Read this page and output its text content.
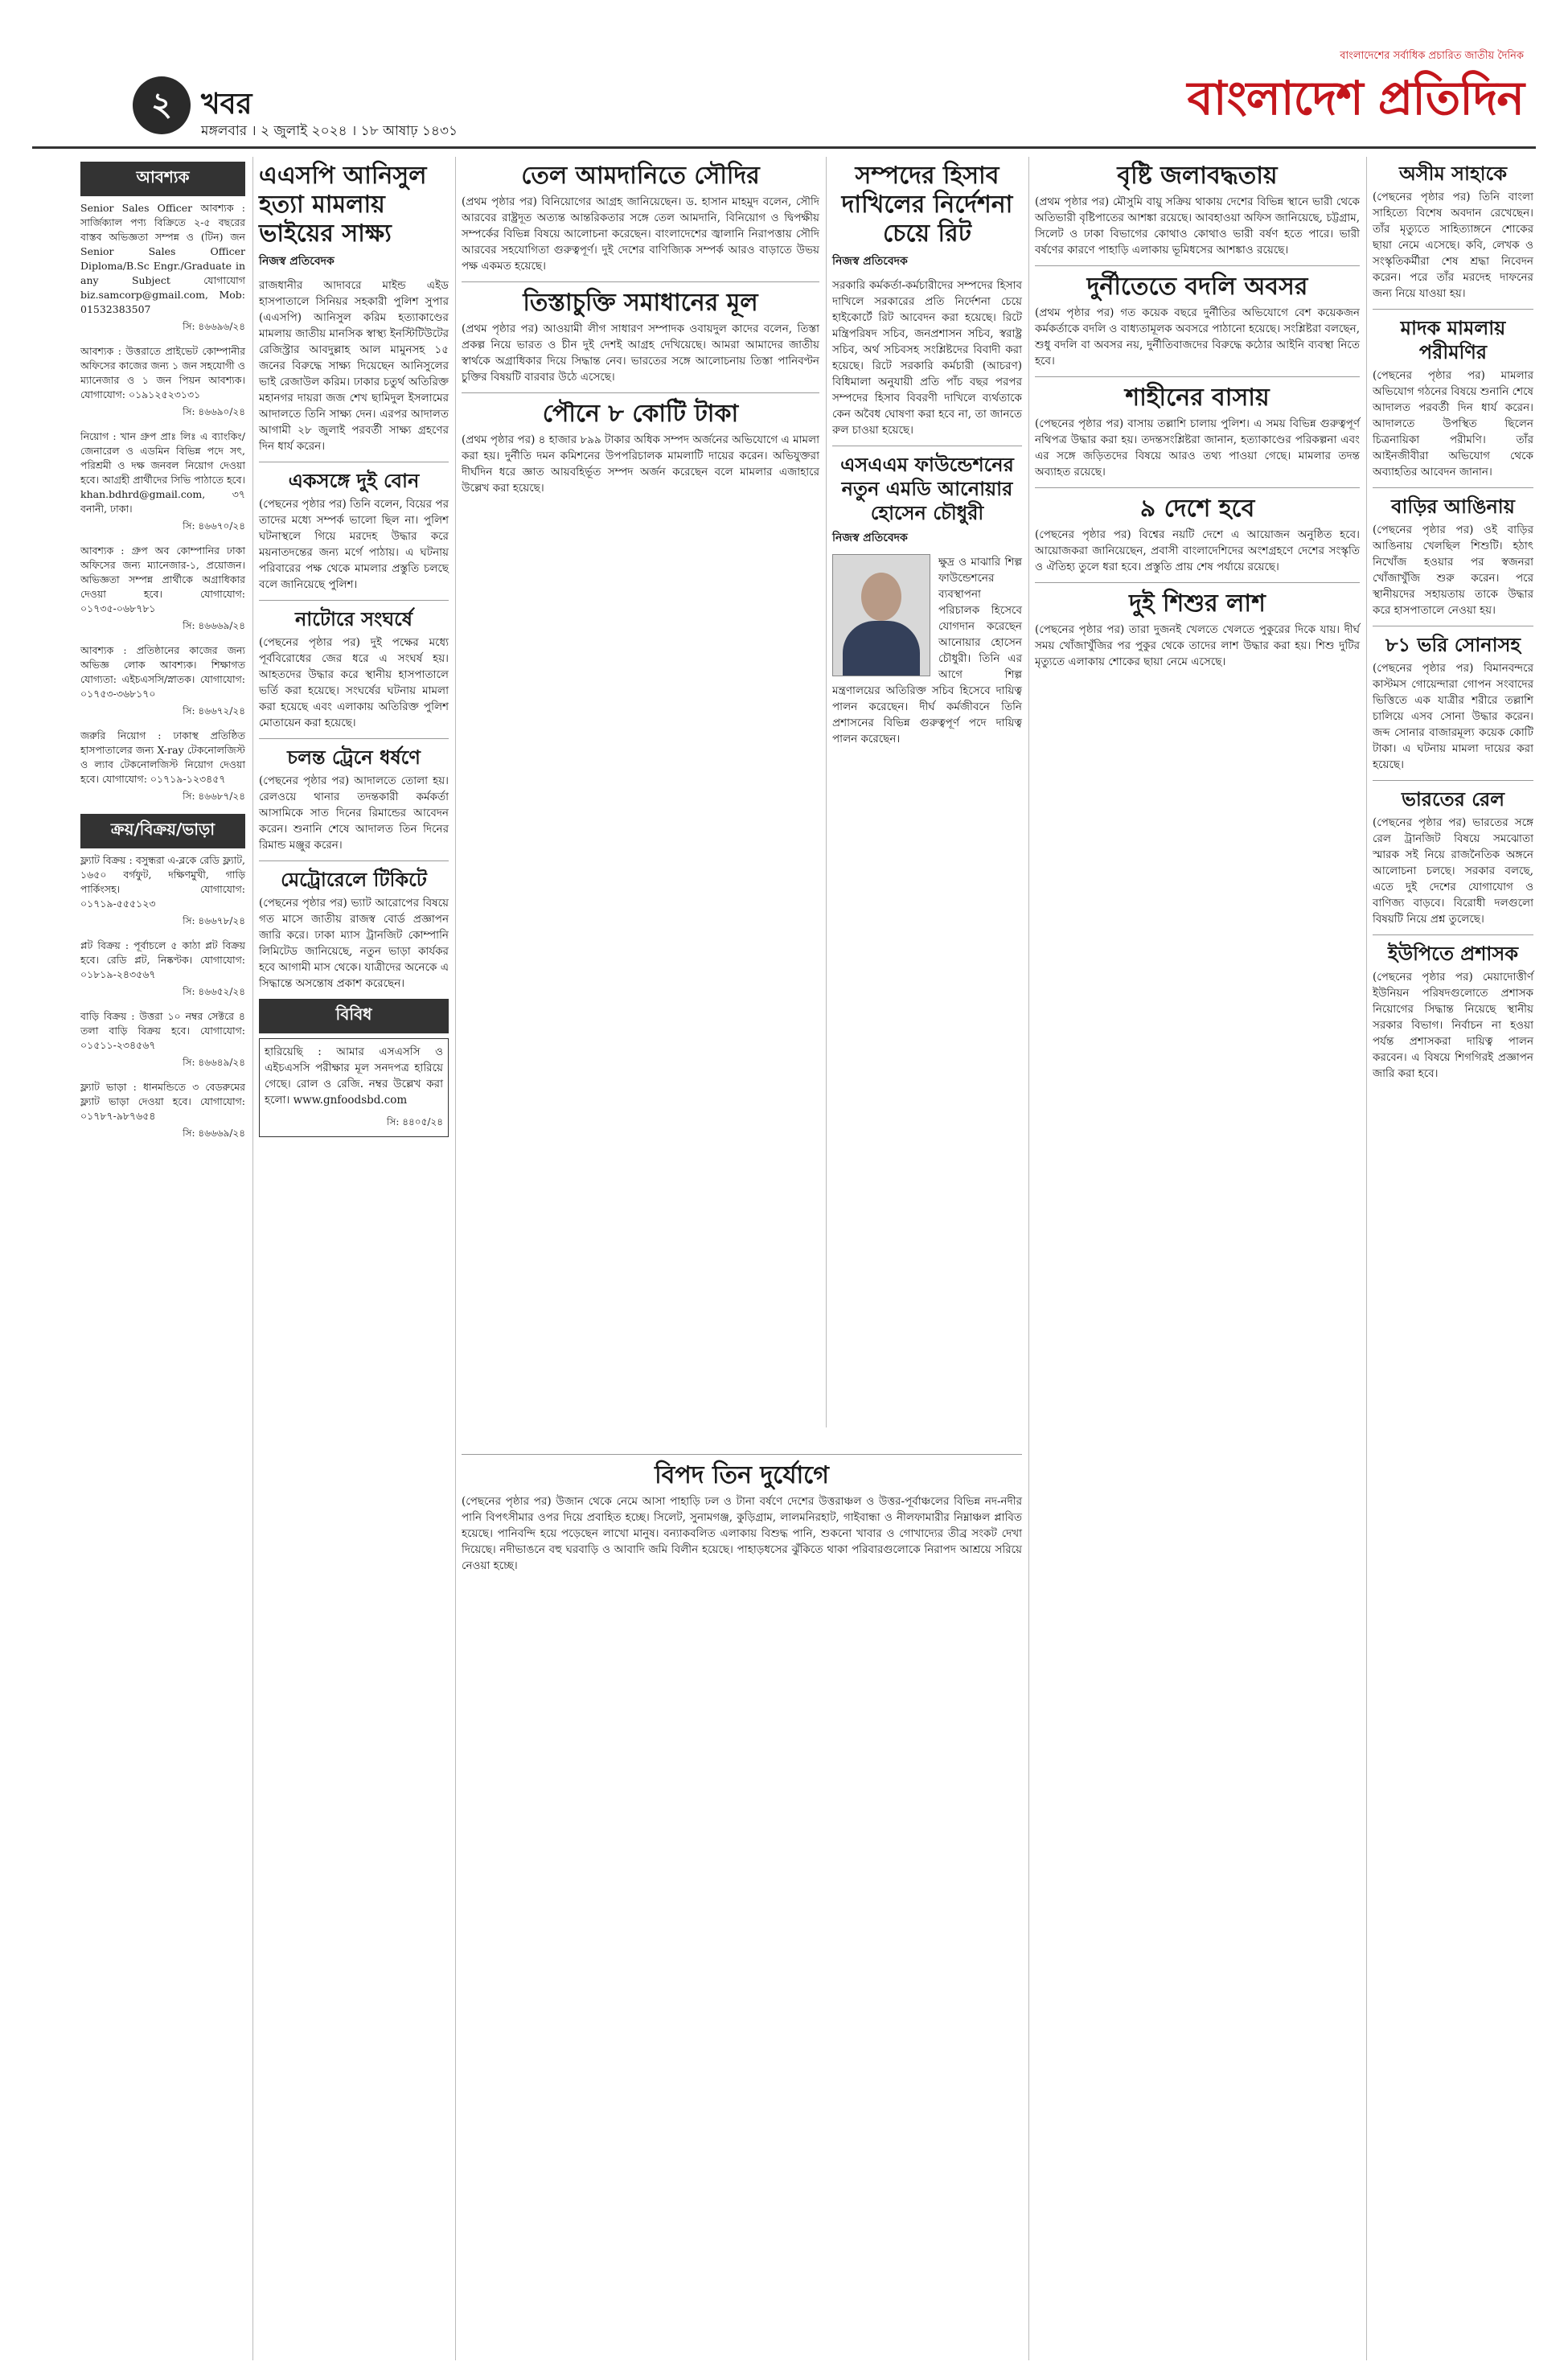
২	খবর
মঙ্গলবার । ২ জুলাই ২০২৪ । ১৮ আষাঢ় ১৪৩১
বাংলাদেশের সর্বাধিক প্রচারিত জাতীয় দৈনিক
বাংলাদেশ প্রতিদিন
আবশ্যক

Senior Sales Officer আবশ্যক : সার্জিক্যাল পণ্য বিক্রিতে ২-৫ বছরের বাস্তব অভিজ্ঞতা সম্পন্ন ও (টিন) জন Senior Sales Officer Diploma/B.Sc Engr./Graduate in any Subject যোগাযোগ biz.samcorp@gmail.com, Mob: 01532383507

সি: ৪৬৬৯৬/২৪

আবশ্যক : উত্তরাতে প্রাইভেট কোম্পানীর অফিসের কাজের জন্য ১ জন সহযোগী ও ম্যানেজার ও ১ জন পিয়ন আবশ্যক। যোগাযোগ: ০১৯১২৫২৩১৩১

সি: ৪৬৬৯০/২৪

নিয়োগ : খান গ্রুপ প্রাঃ লিঃ এ ব্যাংকিং/জেনারেল ও এডমিন বিভিন্ন পদে সৎ, পরিশ্রমী ও দক্ষ জনবল নিয়োগ দেওয়া হবে। আগ্রহী প্রার্থীদের সিভি পাঠাতে হবে। khan.bdhrd@gmail.com, ৩৭ বনানী, ঢাকা।

সি: ৪৬৬৭০/২৪

আবশ্যক : গ্রুপ অব কোম্পানির ঢাকা অফিসের জন্য ম্যানেজার-১, প্রয়োজন। অভিজ্ঞতা সম্পন্ন প্রার্থীকে অগ্রাধিকার দেওয়া হবে। যোগাযোগ: ০১৭৩৫-০৬৮৭৮১

সি: ৪৬৬৬৯/২৪

আবশ্যক : প্রতিষ্ঠানের কাজের জন্য অভিজ্ঞ লোক আবশ্যক। শিক্ষাগত যোগ্যতা: এইচএসসি/স্নাতক। যোগাযোগ: ০১৭৫৩-৩৬৮১৭০

সি: ৪৬৬৭২/২৪

জরুরি নিয়োগ : ঢাকাস্থ প্রতিষ্ঠিত হাসপাতালের জন্য X-ray টেকনোলজিস্ট ও ল্যাব টেকনোলজিস্ট নিয়োগ দেওয়া হবে। যোগাযোগ: ০১৭১৯-১২৩৪৫৭

সি: ৪৬৬৮৭/২৪
ক্রয়/বিক্রয়/ভাড়া

ফ্ল্যাট বিক্রয় : বসুন্ধরা এ-ব্লকে রেডি ফ্ল্যাট, ১৬৫০ বর্গফুট, দক্ষিণমুখী, গাড়ি পার্কিংসহ। যোগাযোগ: ০১৭১৯-৫৫৫১২৩

সি: ৪৬৬৭৮/২৪

প্লট বিক্রয় : পূর্বাচলে ৫ কাঠা প্লট বিক্রয় হবে। রেডি প্লট, নিষ্কণ্টক। যোগাযোগ: ০১৮১৯-২৪৩৫৬৭

সি: ৪৬৬৫২/২৪

বাড়ি বিক্রয় : উত্তরা ১০ নম্বর সেক্টরে ৪ তলা বাড়ি বিক্রয় হবে। যোগাযোগ: ০১৫১১-২৩৪৫৬৭

সি: ৪৬৬৪৯/২৪

ফ্ল্যাট ভাড়া : ধানমন্ডিতে ৩ বেডরুমের ফ্ল্যাট ভাড়া দেওয়া হবে। যোগাযোগ: ০১৭৮৭-৯৮৭৬৫৪

সি: ৪৬৬৬৯/২৪
এএসপি আনিসুল হত্যা মামলায় ভাইয়ের সাক্ষ্য
নিজস্ব প্রতিবেদক

রাজধানীর আদাবরে মাইন্ড এইড হাসপাতালে সিনিয়র সহকারী পুলিশ সুপার (এএসপি) আনিসুল করিম হত্যাকাণ্ডের মামলায় জাতীয় মানসিক স্বাস্থ্য ইনস্টিটিউটের রেজিস্ট্রার আবদুল্লাহ আল মামুনসহ ১৫ জনের বিরুদ্ধে সাক্ষ্য দিয়েছেন আনিসুলের ভাই রেজাউল করিম। ঢাকার চতুর্থ অতিরিক্ত মহানগর দায়রা জজ শেখ ছামিদুল ইসলামের আদালতে তিনি সাক্ষ্য দেন। এরপর আদালত আগামী ২৮ জুলাই পরবর্তী সাক্ষ্য গ্রহণের দিন ধার্য করেন।

একসঙ্গে দুই বোন

(পেছনের পৃষ্ঠার পর) তিনি বলেন, বিয়ের পর তাদের মধ্যে সম্পর্ক ভালো ছিল না। পুলিশ ঘটনাস্থলে গিয়ে মরদেহ উদ্ধার করে ময়নাতদন্তের জন্য মর্গে পাঠায়। এ ঘটনায় পরিবারের পক্ষ থেকে মামলার প্রস্তুতি চলছে বলে জানিয়েছে পুলিশ।

নাটোরে সংঘর্ষে

(পেছনের পৃষ্ঠার পর) দুই পক্ষের মধ্যে পূর্ববিরোধের জের ধরে এ সংঘর্ষ হয়। আহতদের উদ্ধার করে স্থানীয় হাসপাতালে ভর্তি করা হয়েছে। সংঘর্ষের ঘটনায় মামলা করা হয়েছে এবং এলাকায় অতিরিক্ত পুলিশ মোতায়েন করা হয়েছে।

চলন্ত ট্রেনে ধর্ষণে

(পেছনের পৃষ্ঠার পর) আদালতে তোলা হয়। রেলওয়ে থানার তদন্তকারী কর্মকর্তা আসামিকে সাত দিনের রিমান্ডের আবেদন করেন। শুনানি শেষে আদালত তিন দিনের রিমান্ড মঞ্জুর করেন।

মেট্রোরেলে টিকিটে

(পেছনের পৃষ্ঠার পর) ভ্যাট আরোপের বিষয়ে গত মাসে জাতীয় রাজস্ব বোর্ড প্রজ্ঞাপন জারি করে। ঢাকা ম্যাস ট্রানজিট কোম্পানি লিমিটেড জানিয়েছে, নতুন ভাড়া কার্যকর হবে আগামী মাস থেকে। যাত্রীদের অনেকে এ সিদ্ধান্তে অসন্তোষ প্রকাশ করেছেন।

বিবিধ

হারিয়েছি : আমার এসএসসি ও এইচএসসি পরীক্ষার মূল সনদপত্র হারিয়ে গেছে। রোল ও রেজি. নম্বর উল্লেখ করা হলো। www.gnfoodsbd.com

সি: ৪৪০৫/২৪
তেল আমদানিতে সৌদির

(প্রথম পৃষ্ঠার পর) বিনিয়োগের আগ্রহ জানিয়েছেন। ড. হাসান মাহমুদ বলেন, সৌদি আরবের রাষ্ট্রদূত অত্যন্ত আন্তরিকতার সঙ্গে তেল আমদানি, বিনিয়োগ ও দ্বিপক্ষীয় সম্পর্কের বিভিন্ন বিষয়ে আলোচনা করেছেন। বাংলাদেশের জ্বালানি নিরাপত্তায় সৌদি আরবের সহযোগিতা গুরুত্বপূর্ণ। দুই দেশের বাণিজ্যিক সম্পর্ক আরও বাড়াতে উভয় পক্ষ একমত হয়েছে।

তিস্তাচুক্তি সমাধানের মূল

(প্রথম পৃষ্ঠার পর) আওয়ামী লীগ সাধারণ সম্পাদক ওবায়দুল কাদের বলেন, তিস্তা প্রকল্প নিয়ে ভারত ও চীন দুই দেশই আগ্রহ দেখিয়েছে। আমরা আমাদের জাতীয় স্বার্থকে অগ্রাধিকার দিয়ে সিদ্ধান্ত নেব। ভারতের সঙ্গে আলোচনায় তিস্তা পানিবণ্টন চুক্তির বিষয়টি বারবার উঠে এসেছে।

পৌনে ৮ কোটি টাকা

(প্রথম পৃষ্ঠার পর) ৪ হাজার ৮৯৯ টাকার অধিক সম্পদ অর্জনের অভিযোগে এ মামলা করা হয়। দুর্নীতি দমন কমিশনের উপপরিচালক মামলাটি দায়ের করেন। অভিযুক্তরা দীর্ঘদিন ধরে জ্ঞাত আয়বহির্ভূত সম্পদ অর্জন করেছেন বলে মামলার এজাহারে উল্লেখ করা হয়েছে।

সম্পদের হিসাব দাখিলের নির্দেশনা চেয়ে রিট
নিজস্ব প্রতিবেদক

সরকারি কর্মকর্তা-কর্মচারীদের সম্পদের হিসাব দাখিলে সরকারের প্রতি নির্দেশনা চেয়ে হাইকোর্টে রিট আবেদন করা হয়েছে। রিটে মন্ত্রিপরিষদ সচিব, জনপ্রশাসন সচিব, স্বরাষ্ট্র সচিব, অর্থ সচিবসহ সংশ্লিষ্টদের বিবাদী করা হয়েছে। রিটে সরকারি কর্মচারী (আচরণ) বিধিমালা অনুযায়ী প্রতি পাঁচ বছর পরপর সম্পদের হিসাব বিবরণী দাখিলে ব্যর্থতাকে কেন অবৈধ ঘোষণা করা হবে না, তা জানতে রুল চাওয়া হয়েছে।

এসএএম ফাউন্ডেশনের নতুন এমডি আনোয়ার হোসেন চৌধুরী
নিজস্ব প্রতিবেদক

ক্ষুদ্র ও মাঝারি শিল্প ফাউন্ডেশনের ব্যবস্থাপনা পরিচালক হিসেবে যোগদান করেছেন আনোয়ার হোসেন চৌধুরী। তিনি এর আগে শিল্প মন্ত্রণালয়ের অতিরিক্ত সচিব হিসেবে দায়িত্ব পালন করেছেন। দীর্ঘ কর্মজীবনে তিনি প্রশাসনের বিভিন্ন গুরুত্বপূর্ণ পদে দায়িত্ব পালন করেছেন।

বিপদ তিন দুর্যোগে

(পেছনের পৃষ্ঠার পর) উজান থেকে নেমে আসা পাহাড়ি ঢল ও টানা বর্ষণে দেশের উত্তরাঞ্চল ও উত্তর-পূর্বাঞ্চলের বিভিন্ন নদ-নদীর পানি বিপৎসীমার ওপর দিয়ে প্রবাহিত হচ্ছে। সিলেট, সুনামগঞ্জ, কুড়িগ্রাম, লালমনিরহাট, গাইবান্ধা ও নীলফামারীর নিম্নাঞ্চল প্লাবিত হয়েছে। পানিবন্দি হয়ে পড়েছেন লাখো মানুষ। বন্যাকবলিত এলাকায় বিশুদ্ধ পানি, শুকনো খাবার ও গোখাদ্যের তীব্র সংকট দেখা দিয়েছে। নদীভাঙনে বহু ঘরবাড়ি ও আবাদি জমি বিলীন হয়েছে। পাহাড়ধসের ঝুঁকিতে থাকা পরিবারগুলোকে নিরাপদ আশ্রয়ে সরিয়ে নেওয়া হচ্ছে।

বৃষ্টি জলাবদ্ধতায়

(প্রথম পৃষ্ঠার পর) মৌসুমি বায়ু সক্রিয় থাকায় দেশের বিভিন্ন স্থানে ভারী থেকে অতিভারী বৃষ্টিপাতের আশঙ্কা রয়েছে। আবহাওয়া অফিস জানিয়েছে, চট্টগ্রাম, সিলেট ও ঢাকা বিভাগের কোথাও কোথাও ভারী বর্ষণ হতে পারে। ভারী বর্ষণের কারণে পাহাড়ি এলাকায় ভূমিধসের আশঙ্কাও রয়েছে।

দুর্নীতেতে বদলি অবসর

(প্রথম পৃষ্ঠার পর) গত কয়েক বছরে দুর্নীতির অভিযোগে বেশ কয়েকজন কর্মকর্তাকে বদলি ও বাধ্যতামূলক অবসরে পাঠানো হয়েছে। সংশ্লিষ্টরা বলছেন, শুধু বদলি বা অবসর নয়, দুর্নীতিবাজদের বিরুদ্ধে কঠোর আইনি ব্যবস্থা নিতে হবে।

শাহীনের বাসায়

(পেছনের পৃষ্ঠার পর) বাসায় তল্লাশি চালায় পুলিশ। এ সময় বিভিন্ন গুরুত্বপূর্ণ নথিপত্র উদ্ধার করা হয়। তদন্তসংশ্লিষ্টরা জানান, হত্যাকাণ্ডের পরিকল্পনা এবং এর সঙ্গে জড়িতদের বিষয়ে আরও তথ্য পাওয়া গেছে। মামলার তদন্ত অব্যাহত রয়েছে।

৯ দেশে হবে

(পেছনের পৃষ্ঠার পর) বিশ্বের নয়টি দেশে এ আয়োজন অনুষ্ঠিত হবে। আয়োজকরা জানিয়েছেন, প্রবাসী বাংলাদেশিদের অংশগ্রহণে দেশের সংস্কৃতি ও ঐতিহ্য তুলে ধরা হবে। প্রস্তুতি প্রায় শেষ পর্যায়ে রয়েছে।

দুই শিশুর লাশ

(পেছনের পৃষ্ঠার পর) তারা দুজনই খেলতে খেলতে পুকুরের দিকে যায়। দীর্ঘ সময় খোঁজাখুঁজির পর পুকুর থেকে তাদের লাশ উদ্ধার করা হয়। শিশু দুটির মৃত্যুতে এলাকায় শোকের ছায়া নেমে এসেছে।

অসীম সাহাকে

(পেছনের পৃষ্ঠার পর) তিনি বাংলা সাহিত্যে বিশেষ অবদান রেখেছেন। তাঁর মৃত্যুতে সাহিত্যাঙ্গনে শোকের ছায়া নেমে এসেছে। কবি, লেখক ও সংস্কৃতিকর্মীরা শেষ শ্রদ্ধা নিবেদন করেন। পরে তাঁর মরদেহ দাফনের জন্য নিয়ে যাওয়া হয়।

মাদক মামলায় পরীমণির

(পেছনের পৃষ্ঠার পর) মামলার অভিযোগ গঠনের বিষয়ে শুনানি শেষে আদালত পরবর্তী দিন ধার্য করেন। আদালতে উপস্থিত ছিলেন চিত্রনায়িকা পরীমণি। তাঁর আইনজীবীরা অভিযোগ থেকে অব্যাহতির আবেদন জানান।

বাড়ির আঙিনায়

(পেছনের পৃষ্ঠার পর) ওই বাড়ির আঙিনায় খেলছিল শিশুটি। হঠাৎ নিখোঁজ হওয়ার পর স্বজনরা খোঁজাখুঁজি শুরু করেন। পরে স্থানীয়দের সহায়তায় তাকে উদ্ধার করে হাসপাতালে নেওয়া হয়।

৮১ ভরি সোনাসহ

(পেছনের পৃষ্ঠার পর) বিমানবন্দরে কাস্টমস গোয়েন্দারা গোপন সংবাদের ভিত্তিতে এক যাত্রীর শরীরে তল্লাশি চালিয়ে এসব সোনা উদ্ধার করেন। জব্দ সোনার বাজারমূল্য কয়েক কোটি টাকা। এ ঘটনায় মামলা দায়ের করা হয়েছে।

ভারতের রেল

(পেছনের পৃষ্ঠার পর) ভারতের সঙ্গে রেল ট্রানজিট বিষয়ে সমঝোতা স্মারক সই নিয়ে রাজনৈতিক অঙ্গনে আলোচনা চলছে। সরকার বলছে, এতে দুই দেশের যোগাযোগ ও বাণিজ্য বাড়বে। বিরোধী দলগুলো বিষয়টি নিয়ে প্রশ্ন তুলেছে।

ইউপিতে প্রশাসক

(পেছনের পৃষ্ঠার পর) মেয়াদোত্তীর্ণ ইউনিয়ন পরিষদগুলোতে প্রশাসক নিয়োগের সিদ্ধান্ত নিয়েছে স্থানীয় সরকার বিভাগ। নির্বাচন না হওয়া পর্যন্ত প্রশাসকরা দায়িত্ব পালন করবেন। এ বিষয়ে শিগগিরই প্রজ্ঞাপন জারি করা হবে।
